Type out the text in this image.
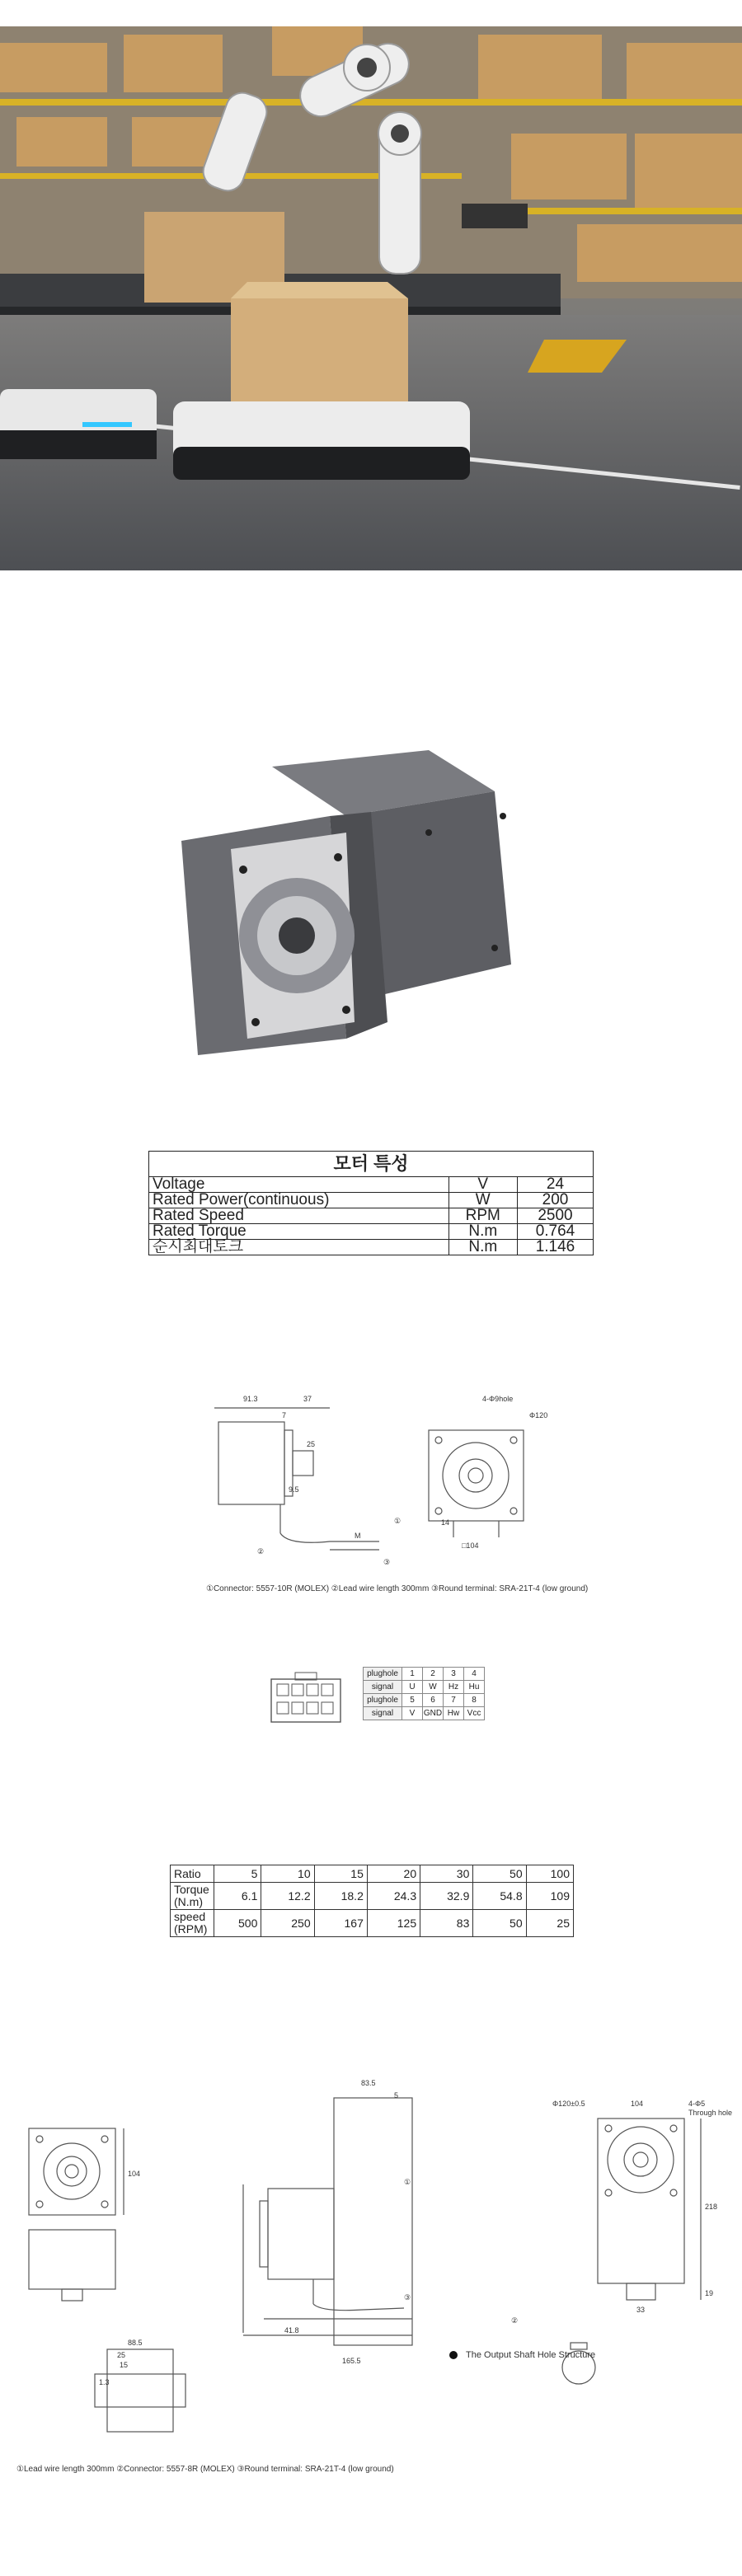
모터 특성		
Voltage	V	24
Rated Power(continuous)	W	200
Rated Speed	RPM	2500
Rated Torque	N.m	0.764
순시최대토크	N.m	1.146
91.3	37
7
25
9.5
M
①
②
③
4-Φ9hole
Φ120
14
□104
①Connector: 5557-10R (MOLEX) ②Lead wire length 300mm ③Round terminal: SRA-21T-4 (low ground)
plughole	1	2	3	4
signal	U	W	Hz	Hu
plughole	5	6	7	8
signal	V	GND	Hw	Vcc
Ratio	5	10	15	20	30	50	100
Torque (N.m)	6.1	12.2	18.2	24.3	32.9	54.8	109
speed (RPM)	500	250	167	125	83	50	25
83.5
5
104
165.5
41.8
88.5
25
15
1.3
Φ120±0.5	104	4-Φ5
Through hole
218
19
33
②
①
③
The Output Shaft Hole Structure
①Lead wire length 300mm ②Connector: 5557-8R (MOLEX) ③Round terminal: SRA-21T-4 (low ground)
